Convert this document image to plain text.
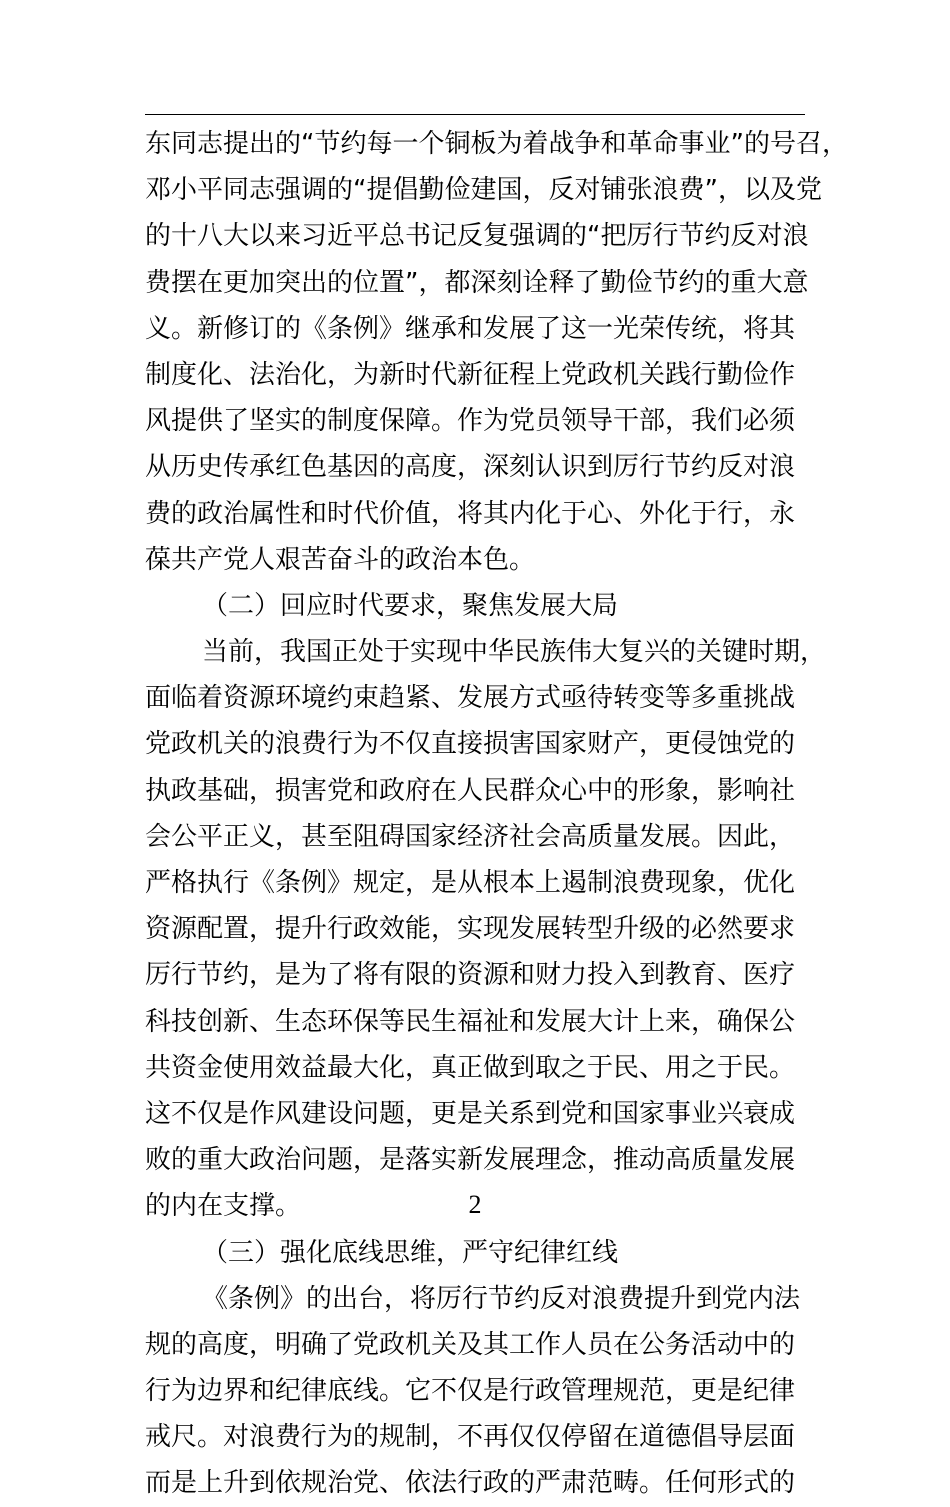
东同志提出的“节约每一个铜板为着战争和革命事业”的号召，
邓小平同志强调的“提倡勤俭建国，反对铺张浪费”，以及党
的十八大以来习近平总书记反复强调的“把厉行节约反对浪
费摆在更加突出的位置”，都深刻诠释了勤俭节约的重大意
义。新修订的《条例》继承和发展了这一光荣传统，将其
制度化、法治化，为新时代新征程上党政机关践行勤俭作
风提供了坚实的制度保障。作为党员领导干部，我们必须
从历史传承红色基因的高度，深刻认识到厉行节约反对浪
费的政治属性和时代价值，将其内化于心、外化于行，永
葆共产党人艰苦奋斗的政治本色。
（二）回应时代要求，聚焦发展大局
当前，我国正处于实现中华民族伟大复兴的关键时期，
面临着资源环境约束趋紧、发展方式亟待转变等多重挑战
党政机关的浪费行为不仅直接损害国家财产，更侵蚀党的
执政基础，损害党和政府在人民群众心中的形象，影响社
会公平正义，甚至阻碍国家经济社会高质量发展。因此，
严格执行《条例》规定，是从根本上遏制浪费现象，优化
资源配置，提升行政效能，实现发展转型升级的必然要求
厉行节约，是为了将有限的资源和财力投入到教育、医疗
科技创新、生态环保等民生福祉和发展大计上来，确保公
共资金使用效益最大化，真正做到取之于民、用之于民。
这不仅是作风建设问题，更是关系到党和国家事业兴衰成
败的重大政治问题，是落实新发展理念，推动高质量发展
的内在支撑。
（三）强化底线思维，严守纪律红线
《条例》的出台，将厉行节约反对浪费提升到党内法
规的高度，明确了党政机关及其工作人员在公务活动中的
行为边界和纪律底线。它不仅是行政管理规范，更是纪律
戒尺。对浪费行为的规制，不再仅仅停留在道德倡导层面
而是上升到依规治党、依法行政的严肃范畴。任何形式的
2
